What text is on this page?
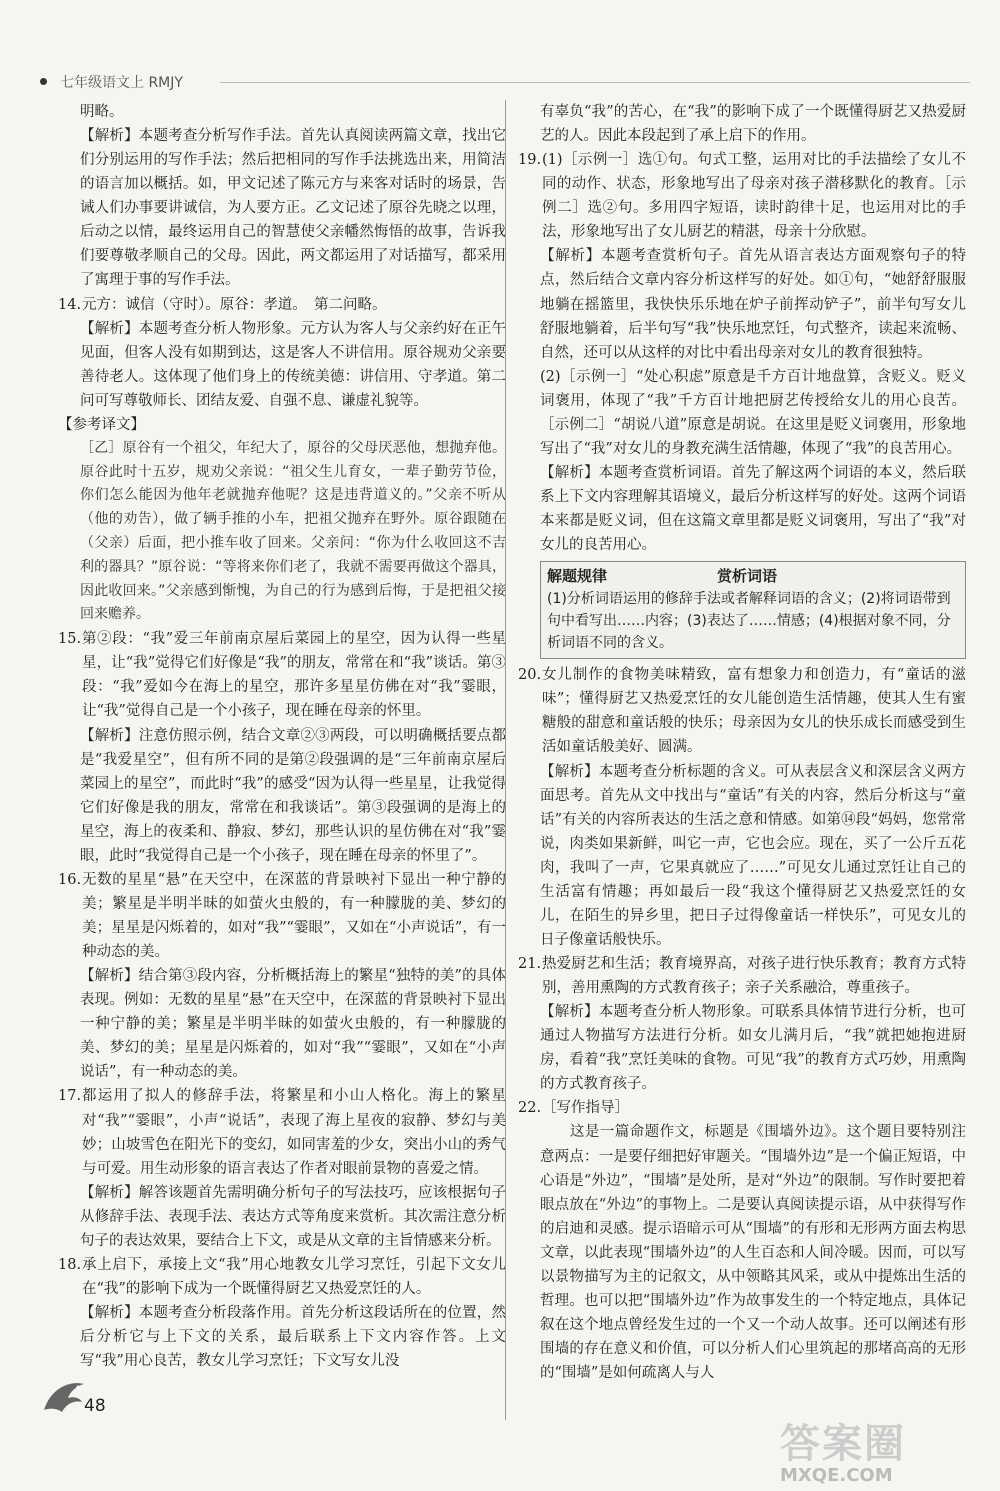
七年级语文上 RMJY

明略。

【解析】本题考查分析写作手法。首先认真阅读两篇文章，找出它们分别运用的写作手法；然后把相同的写作手法挑选出来，用简洁的语言加以概括。如，甲文记述了陈元方与来客对话时的场景，告诫人们办事要讲诚信，为人要方正。乙文记述了原谷先晓之以理，后动之以情，最终运用自己的智慧使父亲幡然悔悟的故事，告诉我们要尊敬孝顺自己的父母。因此，两文都运用了对话描写，都采用了寓理于事的写作手法。

14. 元方：诚信（守时）。原谷：孝道。　第二问略。

【解析】本题考查分析人物形象。元方认为客人与父亲约好在正午见面，但客人没有如期到达，这是客人不讲信用。原谷规劝父亲要善待老人。这体现了他们身上的传统美德：讲信用、守孝道。第二问可写尊敬师长、团结友爱、自强不息、谦虚礼貌等。

【参考译文】

［乙］原谷有一个祖父，年纪大了，原谷的父母厌恶他，想抛弃他。原谷此时十五岁，规劝父亲说：“祖父生儿育女，一辈子勤劳节俭，你们怎么能因为他年老就抛弃他呢？这是违背道义的。”父亲不听从（他的劝告），做了辆手推的小车，把祖父抛弃在野外。原谷跟随在（父亲）后面，把小推车收了回来。父亲问：“你为什么收回这不吉利的器具？”原谷说：“等将来你们老了，我就不需要再做这个器具，因此收回来。”父亲感到惭愧，为自己的行为感到后悔，于是把祖父接回来赡养。

15. 第②段：“我”爱三年前南京屋后菜园上的星空，因为认得一些星星，让“我”觉得它们好像是“我”的朋友，常常在和“我”谈话。第③段：“我”爱如今在海上的星空，那许多星星仿佛在对“我”霎眼，让“我”觉得自己是一个小孩子，现在睡在母亲的怀里。

【解析】注意仿照示例，结合文章②③两段，可以明确概括要点都是“我爱星空”，但有所不同的是第②段强调的是“三年前南京屋后菜园上的星空”，而此时“我”的感受“因为认得一些星星，让我觉得它们好像是我的朋友，常常在和我谈话”。第③段强调的是海上的星空，海上的夜柔和、静寂、梦幻，那些认识的星仿佛在对“我”霎眼，此时“我觉得自己是一个小孩子，现在睡在母亲的怀里了”。

16. 无数的星星“悬”在天空中，在深蓝的背景映衬下显出一种宁静的美；繁星是半明半昧的如萤火虫般的，有一种朦胧的美、梦幻的美；星星是闪烁着的，如对“我”“霎眼”，又如在“小声说话”，有一种动态的美。

【解析】结合第③段内容，分析概括海上的繁星“独特的美”的具体表现。例如：无数的星星“悬”在天空中，在深蓝的背景映衬下显出一种宁静的美；繁星是半明半昧的如萤火虫般的，有一种朦胧的美、梦幻的美；星星是闪烁着的，如对“我”“霎眼”，又如在“小声说话”，有一种动态的美。

17. 都运用了拟人的修辞手法，将繁星和小山人格化。海上的繁星对“我”“霎眼”，小声“说话”，表现了海上星夜的寂静、梦幻与美妙；山坡雪色在阳光下的变幻，如同害羞的少女，突出小山的秀气与可爱。用生动形象的语言表达了作者对眼前景物的喜爱之情。

【解析】解答该题首先需明确分析句子的写法技巧，应该根据句子从修辞手法、表现手法、表达方式等角度来赏析。其次需注意分析句子的表达效果，要结合上下文，或是从文章的主旨情感来分析。

18. 承上启下，承接上文“我”用心地教女儿学习烹饪，引起下文女儿在“我”的影响下成为一个既懂得厨艺又热爱烹饪的人。

【解析】本题考查分析段落作用。首先分析这段话所在的位置，然后分析它与上下文的关系，最后联系上下文内容作答。上文写“我”用心良苦，教女儿学习烹饪；下文写女儿没

有辜负“我”的苦心，在“我”的影响下成了一个既懂得厨艺又热爱厨艺的人。因此本段起到了承上启下的作用。

19. (1)［示例一］选①句。句式工整，运用对比的手法描绘了女儿不同的动作、状态，形象地写出了母亲对孩子潜移默化的教育。［示例二］选②句。多用四字短语，读时韵律十足，也运用对比的手法，形象地写出了女儿厨艺的精湛，母亲十分欣慰。

【解析】本题考查赏析句子。首先从语言表达方面观察句子的特点，然后结合文章内容分析这样写的好处。如①句，“她舒舒服服地躺在摇篮里，我快快乐乐地在炉子前挥动铲子”，前半句写女儿舒服地躺着，后半句写“我”快乐地烹饪，句式整齐，读起来流畅、自然，还可以从这样的对比中看出母亲对女儿的教育很独特。

(2)［示例一］“处心积虑”原意是千方百计地盘算，含贬义。贬义词褒用，体现了“我”千方百计地把厨艺传授给女儿的用心良苦。［示例二］“胡说八道”原意是胡说。在这里是贬义词褒用，形象地写出了“我”对女儿的身教充满生活情趣，体现了“我”的良苦用心。

【解析】本题考查赏析词语。首先了解这两个词语的本义，然后联系上下文内容理解其语境义，最后分析这样写的好处。这两个词语本来都是贬义词，但在这篇文章里都是贬义词褒用，写出了“我”对女儿的良苦用心。

解题规律	赏析词语
(1)分析词语运用的修辞手法或者解释词语的含义；(2)将词语带到句中看写出……内容；(3)表达了……情感；(4)根据对象不同，分析词语不同的含义。
20. 女儿制作的食物美味精致，富有想象力和创造力，有“童话的滋味”；懂得厨艺又热爱烹饪的女儿能创造生活情趣，使其人生有蜜糖般的甜意和童话般的快乐；母亲因为女儿的快乐成长而感受到生活如童话般美好、圆满。

【解析】本题考查分析标题的含义。可从表层含义和深层含义两方面思考。首先从文中找出与“童话”有关的内容，然后分析这与“童话”有关的内容所表达的生活之意和情感。如第⑭段“妈妈，您常常说，肉类如果新鲜，叫它一声，它也会应。现在，买了一公斤五花肉，我叫了一声，它果真就应了……”可见女儿通过烹饪让自己的生活富有情趣；再如最后一段“我这个懂得厨艺又热爱烹饪的女儿，在陌生的异乡里，把日子过得像童话一样快乐”，可见女儿的日子像童话般快乐。

21. 热爱厨艺和生活；教育境界高，对孩子进行快乐教育；教育方式特别，善用熏陶的方式教育孩子；亲子关系融洽，尊重孩子。

【解析】本题考查分析人物形象。可联系具体情节进行分析，也可通过人物描写方法进行分析。如女儿满月后，“我”就把她抱进厨房，看着“我”烹饪美味的食物。可见“我”的教育方式巧妙，用熏陶的方式教育孩子。

22. ［写作指导］

　　这是一篇命题作文，标题是《围墙外边》。这个题目要特别注意两点：一是要仔细把好审题关。“围墙外边”是一个偏正短语，中心语是“外边”，“围墙”是处所，是对“外边”的限制。写作时要把着眼点放在“外边”的事物上。二是要认真阅读提示语，从中获得写作的启迪和灵感。提示语暗示可从“围墙”的有形和无形两方面去构思文章，以此表现“围墙外边”的人生百态和人间冷暖。因而，可以写以景物描写为主的记叙文，从中领略其风采，或从中提炼出生活的哲理。也可以把“围墙外边”作为故事发生的一个特定地点，具体记叙在这个地点曾经发生过的一个又一个动人故事。还可以阐述有形围墙的存在意义和价值，可以分析人们心里筑起的那堵高高的无形的“围墙”是如何疏离人与人

48
答案圈
MXQE.COM
